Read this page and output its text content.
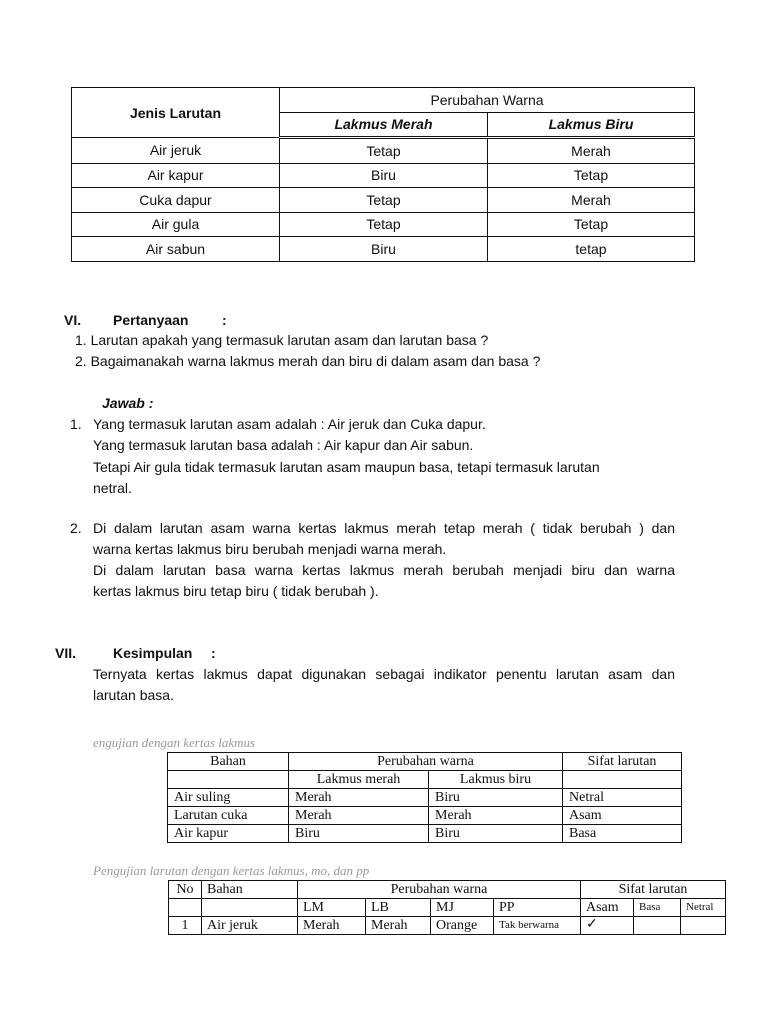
Jenis Larutan	Perubahan Warna	
	Lakmus Merah	Lakmus Biru
Air jeruk	Tetap	Merah
Air kapur	Biru	Tetap
Cuka dapur	Tetap	Merah
Air gula	Tetap	Tetap
Air sabun	Biru	tetap
VI. Pertanyaan :
1. Larutan apakah yang termasuk larutan asam dan larutan basa ?
2. Bagaimanakah warna lakmus merah dan biru di dalam asam dan basa ?
Jawab :
1. Yang termasuk larutan asam adalah : Air jeruk dan Cuka dapur.
Yang termasuk larutan basa adalah : Air kapur dan Air sabun.
Tetapi Air gula tidak termasuk larutan asam maupun basa, tetapi termasuk larutan
netral.
2. Di dalam larutan asam warna kertas lakmus merah tetap merah ( tidak berubah ) dan
warna kertas lakmus biru berubah menjadi warna merah.
Di dalam larutan basa warna kertas lakmus merah berubah menjadi biru dan warna
kertas lakmus biru tetap biru ( tidak berubah ).
VII.	Kesimpulan :
Ternyata kertas lakmus dapat digunakan sebagai indikator penentu larutan asam dan
larutan basa.
engujian dengan kertas lakmus
Bahan	Perubahan warna		Sifat larutan
	Lakmus merah	Lakmus biru	
Air suling	Merah	Biru	Netral
Larutan cuka	Merah	Merah	Asam
Air kapur	Biru	Biru	Basa
Pengujian larutan dengan kertas lakmus, mo, dan pp
No	Bahan	Perubahan warna				Sifat larutan		
		LM	LB	MJ	PP	Asam	Basa	Netral
1	Air jeruk	Merah	Merah	Orange	Tak berwarna	✓		
